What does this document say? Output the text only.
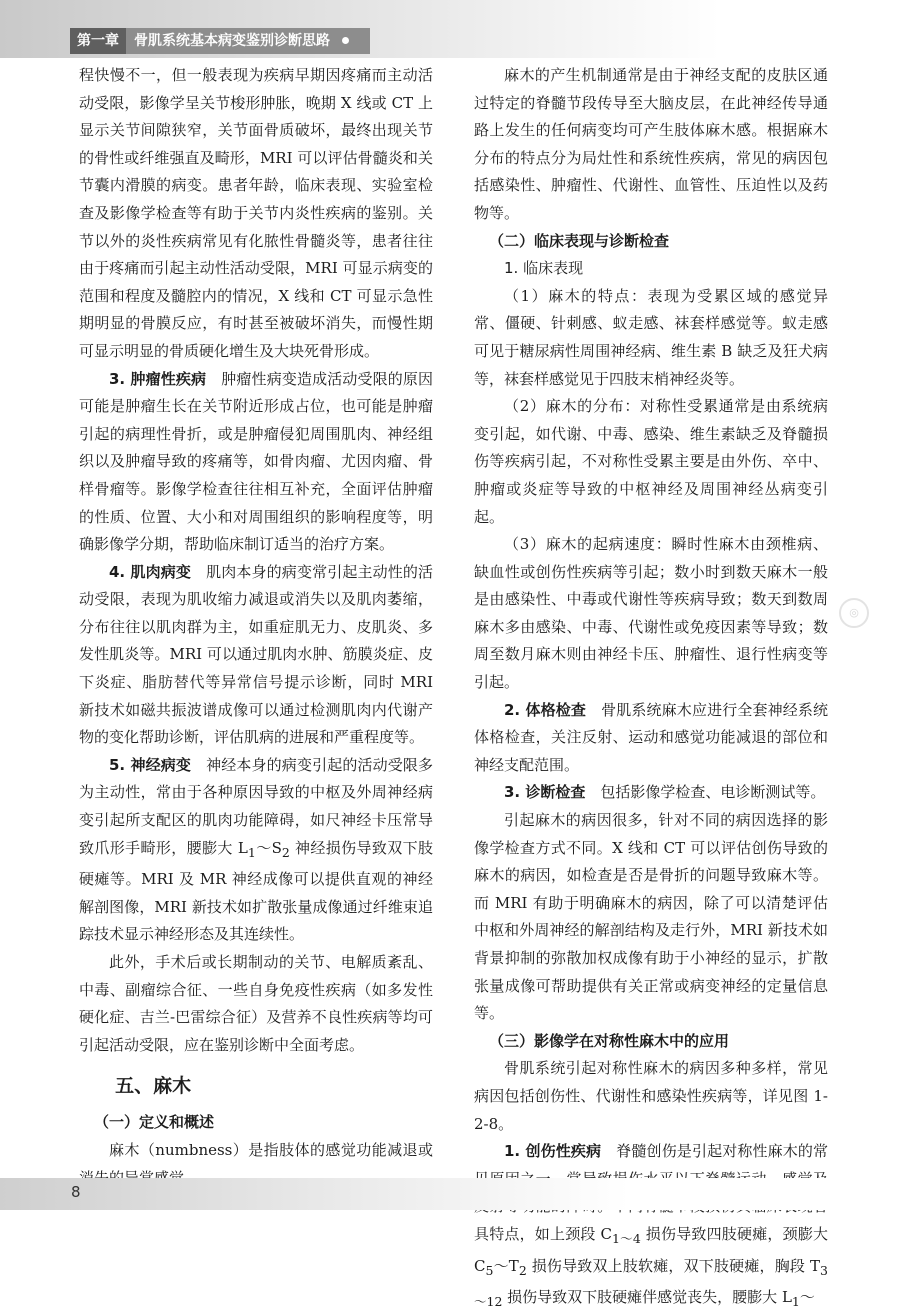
第一章	骨肌系统基本病变鉴别诊断思路

程快慢不一，但一般表现为疾病早期因疼痛而主动活动受限，影像学呈关节梭形肿胀，晚期 X 线或 CT 上显示关节间隙狭窄，关节面骨质破坏，最终出现关节的骨性或纤维强直及畸形，MRI 可以评估骨髓炎和关节囊内滑膜的病变。患者年龄，临床表现、实验室检查及影像学检查等有助于关节内炎性疾病的鉴别。关节以外的炎性疾病常见有化脓性骨髓炎等，患者往往由于疼痛而引起主动性活动受限，MRI 可显示病变的范围和程度及髓腔内的情况，X 线和 CT 可显示急性期明显的骨膜反应，有时甚至被破坏消失，而慢性期可显示明显的骨质硬化增生及大块死骨形成。

3. 肿瘤性疾病　 肿瘤性病变造成活动受限的原因可能是肿瘤生长在关节附近形成占位，也可能是肿瘤引起的病理性骨折，或是肿瘤侵犯周围肌肉、神经组织以及肿瘤导致的疼痛等，如骨肉瘤、尤因肉瘤、骨样骨瘤等。影像学检查往往相互补充，全面评估肿瘤的性质、位置、大小和对周围组织的影响程度等，明确影像学分期，帮助临床制订适当的治疗方案。

4. 肌肉病变　 肌肉本身的病变常引起主动性的活动受限，表现为肌收缩力减退或消失以及肌肉萎缩，分布往往以肌肉群为主，如重症肌无力、皮肌炎、多发性肌炎等。MRI 可以通过肌肉水肿、筋膜炎症、皮下炎症、脂肪替代等异常信号提示诊断，同时 MRI 新技术如磁共振波谱成像可以通过检测肌肉内代谢产物的变化帮助诊断，评估肌病的进展和严重程度等。

5. 神经病变　 神经本身的病变引起的活动受限多为主动性，常由于各种原因导致的中枢及外周神经病变引起所支配区的肌肉功能障碍，如尺神经卡压常导致爪形手畸形，腰膨大 $L_1\sim S_2$ 神经损伤导致双下肢硬瘫等。MRI 及 MR 神经成像可以提供直观的神经解剖图像，MRI 新技术如扩散张量成像通过纤维束追踪技术显示神经形态及其连续性。

此外，手术后或长期制动的关节、电解质紊乱、中毒、副瘤综合征、一些自身免疫性疾病（如多发性硬化症、吉兰-巴雷综合征）及营养不良性疾病等均可引起活动受限，应在鉴别诊断中全面考虑。

五、麻木
（一）定义和概述

麻木（numbness）是指肢体的感觉功能减退或

麻木的产生机制通常是由于神经支配的皮肤区通过特定的脊髓节段传导至大脑皮层，在此神经传导通路上发生的任何病变均可产生肢体麻木感。根据麻木分布的特点分为局灶性和系统性疾病，常见的病因包括感染性、肿瘤性、代谢性、血管性、压迫性以及药物等。

（二）临床表现与诊断检查
1. 临床表现

（1）麻木的特点：表现为受累区域的感觉异常、僵硬、针刺感、蚁走感、袜套样感觉等。蚁走感可见于糖尿病性周围神经病、维生素 B 缺乏及狂犬病等，袜套样感觉见于四肢末梢神经炎等。

（2）麻木的分布：对称性受累通常是由系统病变引起，如代谢、中毒、感染、维生素缺乏及脊髓损伤等疾病引起，不对称性受累主要是由外伤、卒中、肿瘤或炎症等导致的中枢神经及周围神经丛病变引起。

（3）麻木的起病速度：瞬时性麻木由颈椎病、缺血性或创伤性疾病等引起；数小时到数天麻木一般是由感染性、中毒或代谢性等疾病导致；数天到数周麻木多由感染、中毒、代谢性或免疫因素等导致；数周至数月麻木则由神经卡压、肿瘤性、退行性病变等引起。

2. 体格检查　 骨肌系统麻木应进行全套神经系统体格检查，关注反射、运动和感觉功能减退的部位和神经支配范围。

3. 诊断检查　 包括影像学检查、电诊断测试等。

引起麻木的病因很多，针对不同的病因选择的影像学检查方式不同。X 线和 CT 可以评估创伤导致的麻木的病因，如检查是否是骨折的问题导致麻木等。而 MRI 有助于明确麻木的病因，除了可以清楚评估中枢和外周神经的解剖结构及走行外，MRI 新技术如背景抑制的弥散加权成像有助于小神经的显示，扩散张量成像可帮助提供有关正常或病变神经的定量信息等。

（三）影像学在对称性麻木中的应用

骨肌系统引起对称性麻木的病因多种多样，常见病因包括创伤性、代谢性和感染性疾病等，详见图 1-2-8。

1. 创伤性疾病　 脊髓创伤是引起对称性麻木的常 具特点，如上颈段 $C_{1\sim 4}$ 损伤导致四肢硬瘫，颈膨大 $C_5\sim T_2$ 损伤导致双上肢软瘫，双下肢硬瘫，胸段 $T_{3\sim 12}$ 损伤导致双下肢硬瘫伴感觉丧失，腰膨大 $L_1\sim$

◎
8
